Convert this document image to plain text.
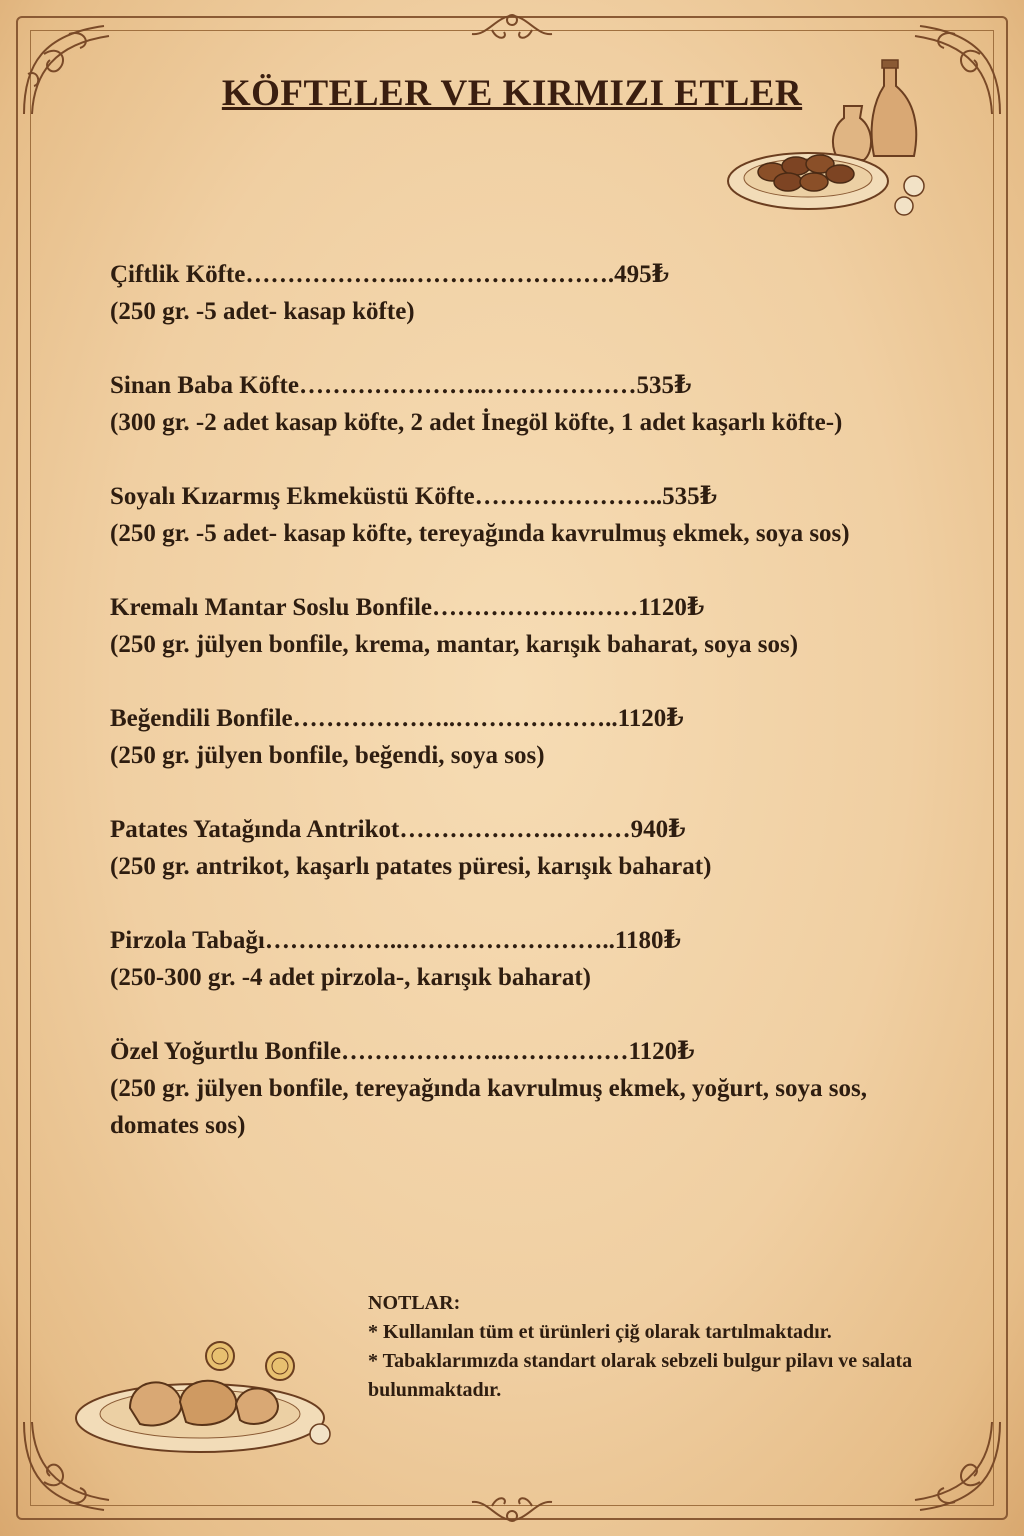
KÖFTELER VE KIRMIZI ETLER
Çiftlik Köfte………………..…………………….495₺
(250 gr. -5 adet- kasap köfte)
Sinan Baba Köfte…………………..………………535₺
(300 gr. -2 adet kasap köfte, 2 adet İnegöl köfte, 1 adet kaşarlı köfte-)
Soyalı Kızarmış Ekmeküstü Köfte…………………..535₺
(250 gr. -5 adet- kasap köfte, tereyağında kavrulmuş ekmek, soya sos)
Kremalı Mantar Soslu Bonfile……………….……1120₺
(250 gr. jülyen bonfile, krema, mantar, karışık baharat, soya sos)
Beğendili Bonfile………………..………………..1120₺
(250 gr. jülyen bonfile, beğendi, soya sos)
Patates Yatağında Antrikot……………….………940₺
(250 gr. antrikot, kaşarlı patates püresi, karışık baharat)
Pirzola Tabağı……………..……………………..1180₺
(250-300 gr. -4 adet pirzola-, karışık baharat)
Özel Yoğurtlu Bonfile………………..……………1120₺
(250 gr. jülyen bonfile, tereyağında kavrulmuş ekmek, yoğurt, soya sos, domates sos)
NOTLAR:
* Kullanılan tüm et ürünleri çiğ olarak tartılmaktadır.
* Tabaklarımızda standart olarak sebzeli bulgur pilavı ve salata bulunmaktadır.
